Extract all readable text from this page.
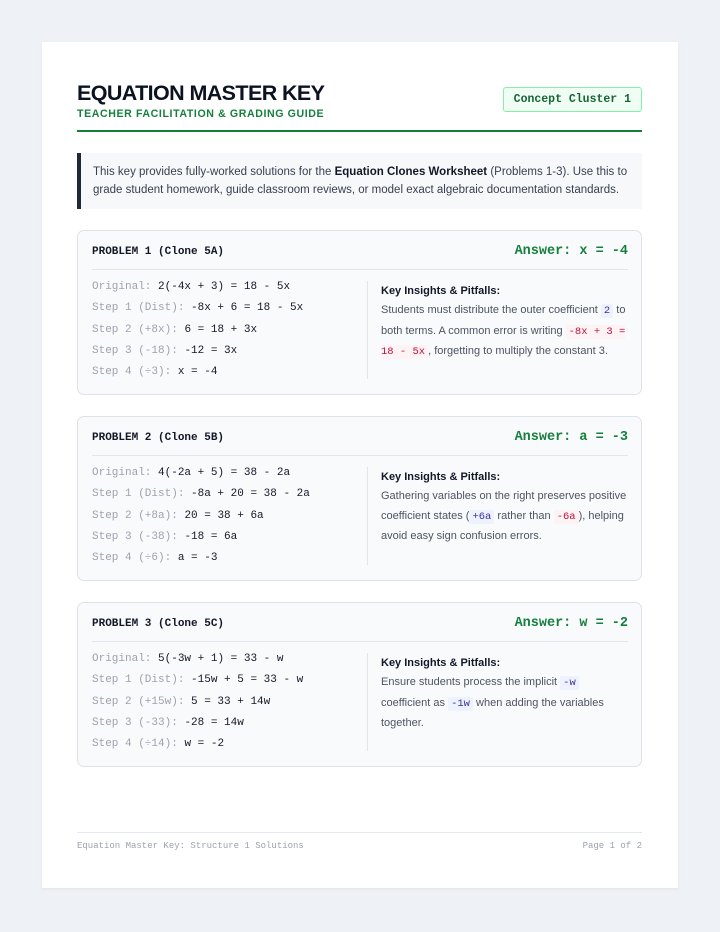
EQUATION MASTER KEY
TEACHER FACILITATION & GRADING GUIDE
Concept Cluster 1
This key provides fully-worked solutions for the Equation Clones Worksheet (Problems 1-3). Use this to grade student homework, guide classroom reviews, or model exact algebraic documentation standards.
PROBLEM 1 (Clone 5A)	Answer: x = -4
Original: 2(-4x + 3) = 18 - 5x
Step 1 (Dist): -8x + 6 = 18 - 5x
Step 2 (+8x): 6 = 18 + 3x
Step 3 (-18): -12 = 3x
Step 4 (÷3): x = -4
Key Insights & Pitfalls:
Students must distribute the outer coefficient 2 to both terms. A common error is writing -8x + 3 = 18 - 5x , forgetting to multiply the constant 3.
PROBLEM 2 (Clone 5B)	Answer: a = -3
Original: 4(-2a + 5) = 38 - 2a
Step 1 (Dist): -8a + 20 = 38 - 2a
Step 2 (+8a): 20 = 38 + 6a
Step 3 (-38): -18 = 6a
Step 4 (÷6): a = -3
Key Insights & Pitfalls:
Gathering variables on the right preserves positive coefficient states ( +6a rather than -6a ), helping avoid easy sign confusion errors.
PROBLEM 3 (Clone 5C)	Answer: w = -2
Original: 5(-3w + 1) = 33 - w
Step 1 (Dist): -15w + 5 = 33 - w
Step 2 (+15w): 5 = 33 + 14w
Step 3 (-33): -28 = 14w
Step 4 (÷14): w = -2
Key Insights & Pitfalls:
Ensure students process the implicit -w coefficient as -1w when adding the variables together.
Equation Master Key: Structure 1 Solutions	Page 1 of 2
